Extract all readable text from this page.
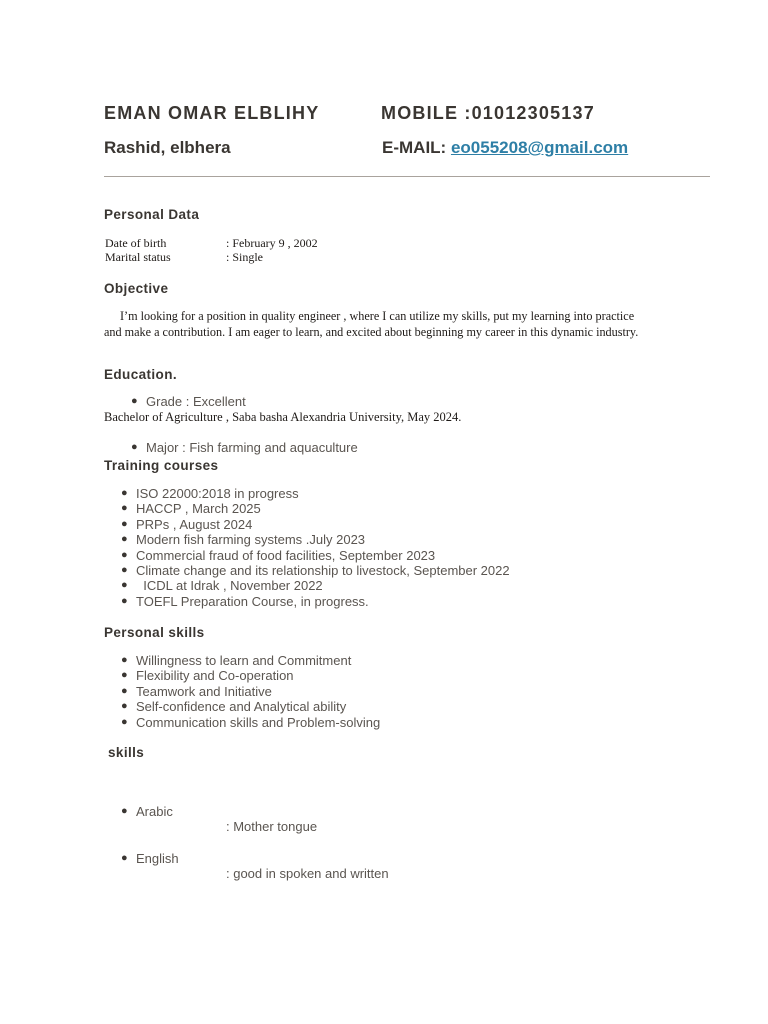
EMAN OMAR ELBLIHY	MOBILE :01012305137
Rashid, elbhera	E-MAIL: eo055208@gmail.com
Personal Data
Date of birth	: February 9 , 2002
Marital status	: Single
Objective
I’m looking for a position in quality engineer , where I can utilize my skills, put my learning into practice and make a contribution. I am eager to learn, and excited about beginning my career in this dynamic industry.
Education.
● Grade : Excellent
Bachelor of Agriculture , Saba basha Alexandria University, May 2024.
● Major : Fish farming and aquaculture
Training courses
● ISO 22000:2018 in progress
● HACCP , March 2025
● PRPs , August 2024
● Modern fish farming systems .July 2023
● Commercial fraud of food facilities, September 2023
● Climate change and its relationship to livestock, September 2022
● ICDL at Idrak , November 2022
● TOEFL Preparation Course, in progress.
Personal skills
● Willingness to learn and Commitment
● Flexibility and Co-operation
● Teamwork and Initiative
● Self-confidence and Analytical ability
● Communication skills and Problem-solving
skills
● Arabic
: Mother tongue
● English
: good in spoken and written
